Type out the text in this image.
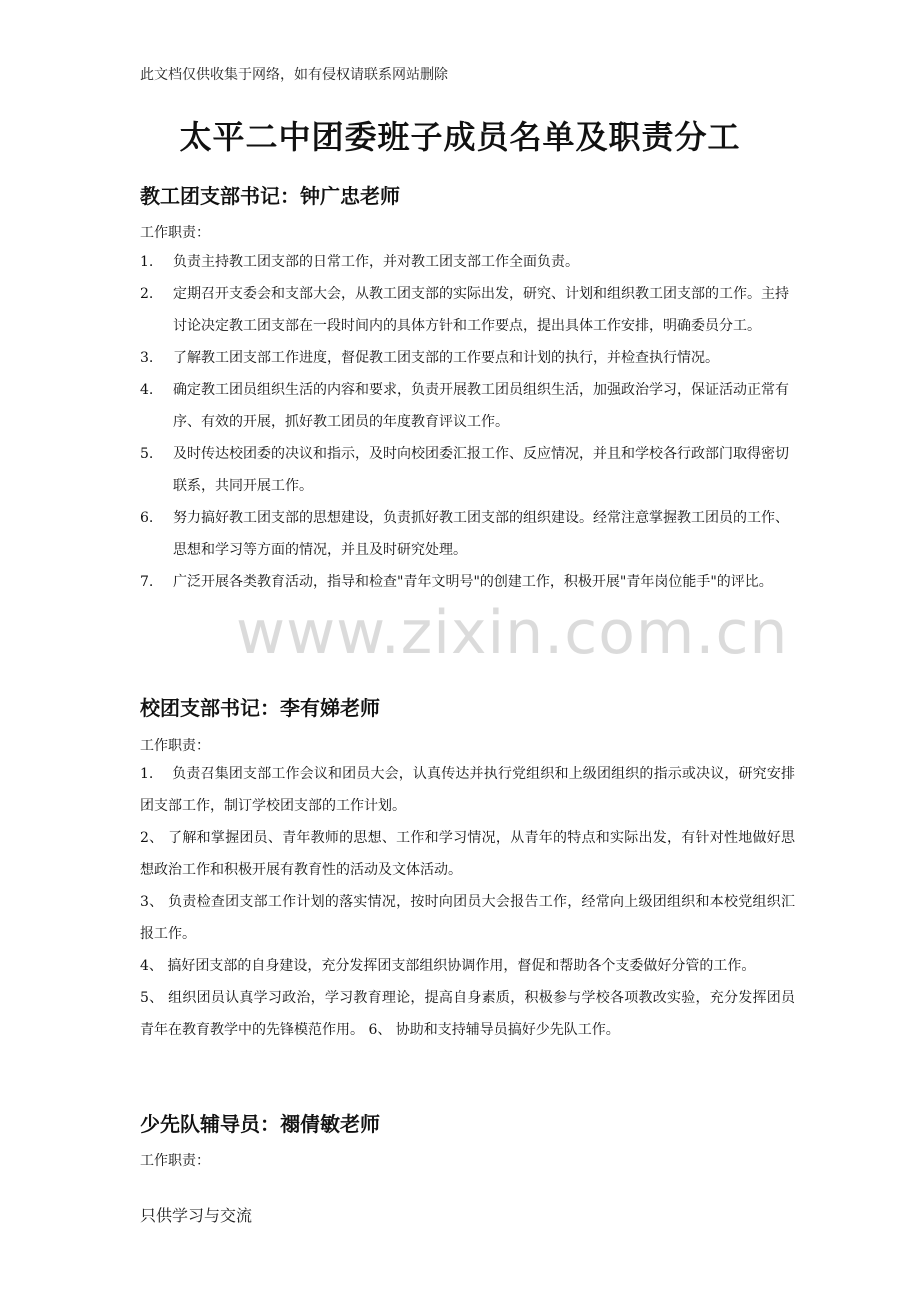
此文档仅供收集于网络，如有侵权请联系网站删除
太平二中团委班子成员名单及职责分工
教工团支部书记：钟广忠老师
工作职责：
1. 负责主持教工团支部的日常工作，并对教工团支部工作全面负责。
2. 定期召开支委会和支部大会，从教工团支部的实际出发，研究、计划和组织教工团支部的工作。主持讨论决定教工团支部在一段时间内的具体方针和工作要点，提出具体工作安排，明确委员分工。
3. 了解教工团支部工作进度，督促教工团支部的工作要点和计划的执行，并检查执行情况。
4. 确定教工团员组织生活的内容和要求，负责开展教工团员组织生活，加强政治学习，保证活动正常有序、有效的开展，抓好教工团员的年度教育评议工作。
5. 及时传达校团委的决议和指示，及时向校团委汇报工作、反应情况，并且和学校各行政部门取得密切联系，共同开展工作。
6. 努力搞好教工团支部的思想建设，负责抓好教工团支部的组织建设。经常注意掌握教工团员的工作、思想和学习等方面的情况，并且及时研究处理。
7. 广泛开展各类教育活动，指导和检查"青年文明号"的创建工作，积极开展"青年岗位能手"的评比。
www.zixin.com.cn
校团支部书记：李有娣老师
工作职责：

1.　 负责召集团支部工作会议和团员大会，认真传达并执行党组织和上级团组织的指示或决议，研究安排团支部工作，制订学校团支部的工作计划。

2、 了解和掌握团员、青年教师的思想、工作和学习情况，从青年的特点和实际出发，有针对性地做好思想政治工作和积极开展有教育性的活动及文体活动。

3、 负责检查团支部工作计划的落实情况，按时向团员大会报告工作，经常向上级团组织和本校党组织汇报工作。

4、 搞好团支部的自身建设，充分发挥团支部组织协调作用，督促和帮助各个支委做好分管的工作。

5、 组织团员认真学习政治，学习教育理论，提高自身素质，积极参与学校各项教改实验，充分发挥团员青年在教育教学中的先锋模范作用。 6、 协助和支持辅导员搞好少先队工作。

少先队辅导员：禤倩敏老师
工作职责：
只供学习与交流
